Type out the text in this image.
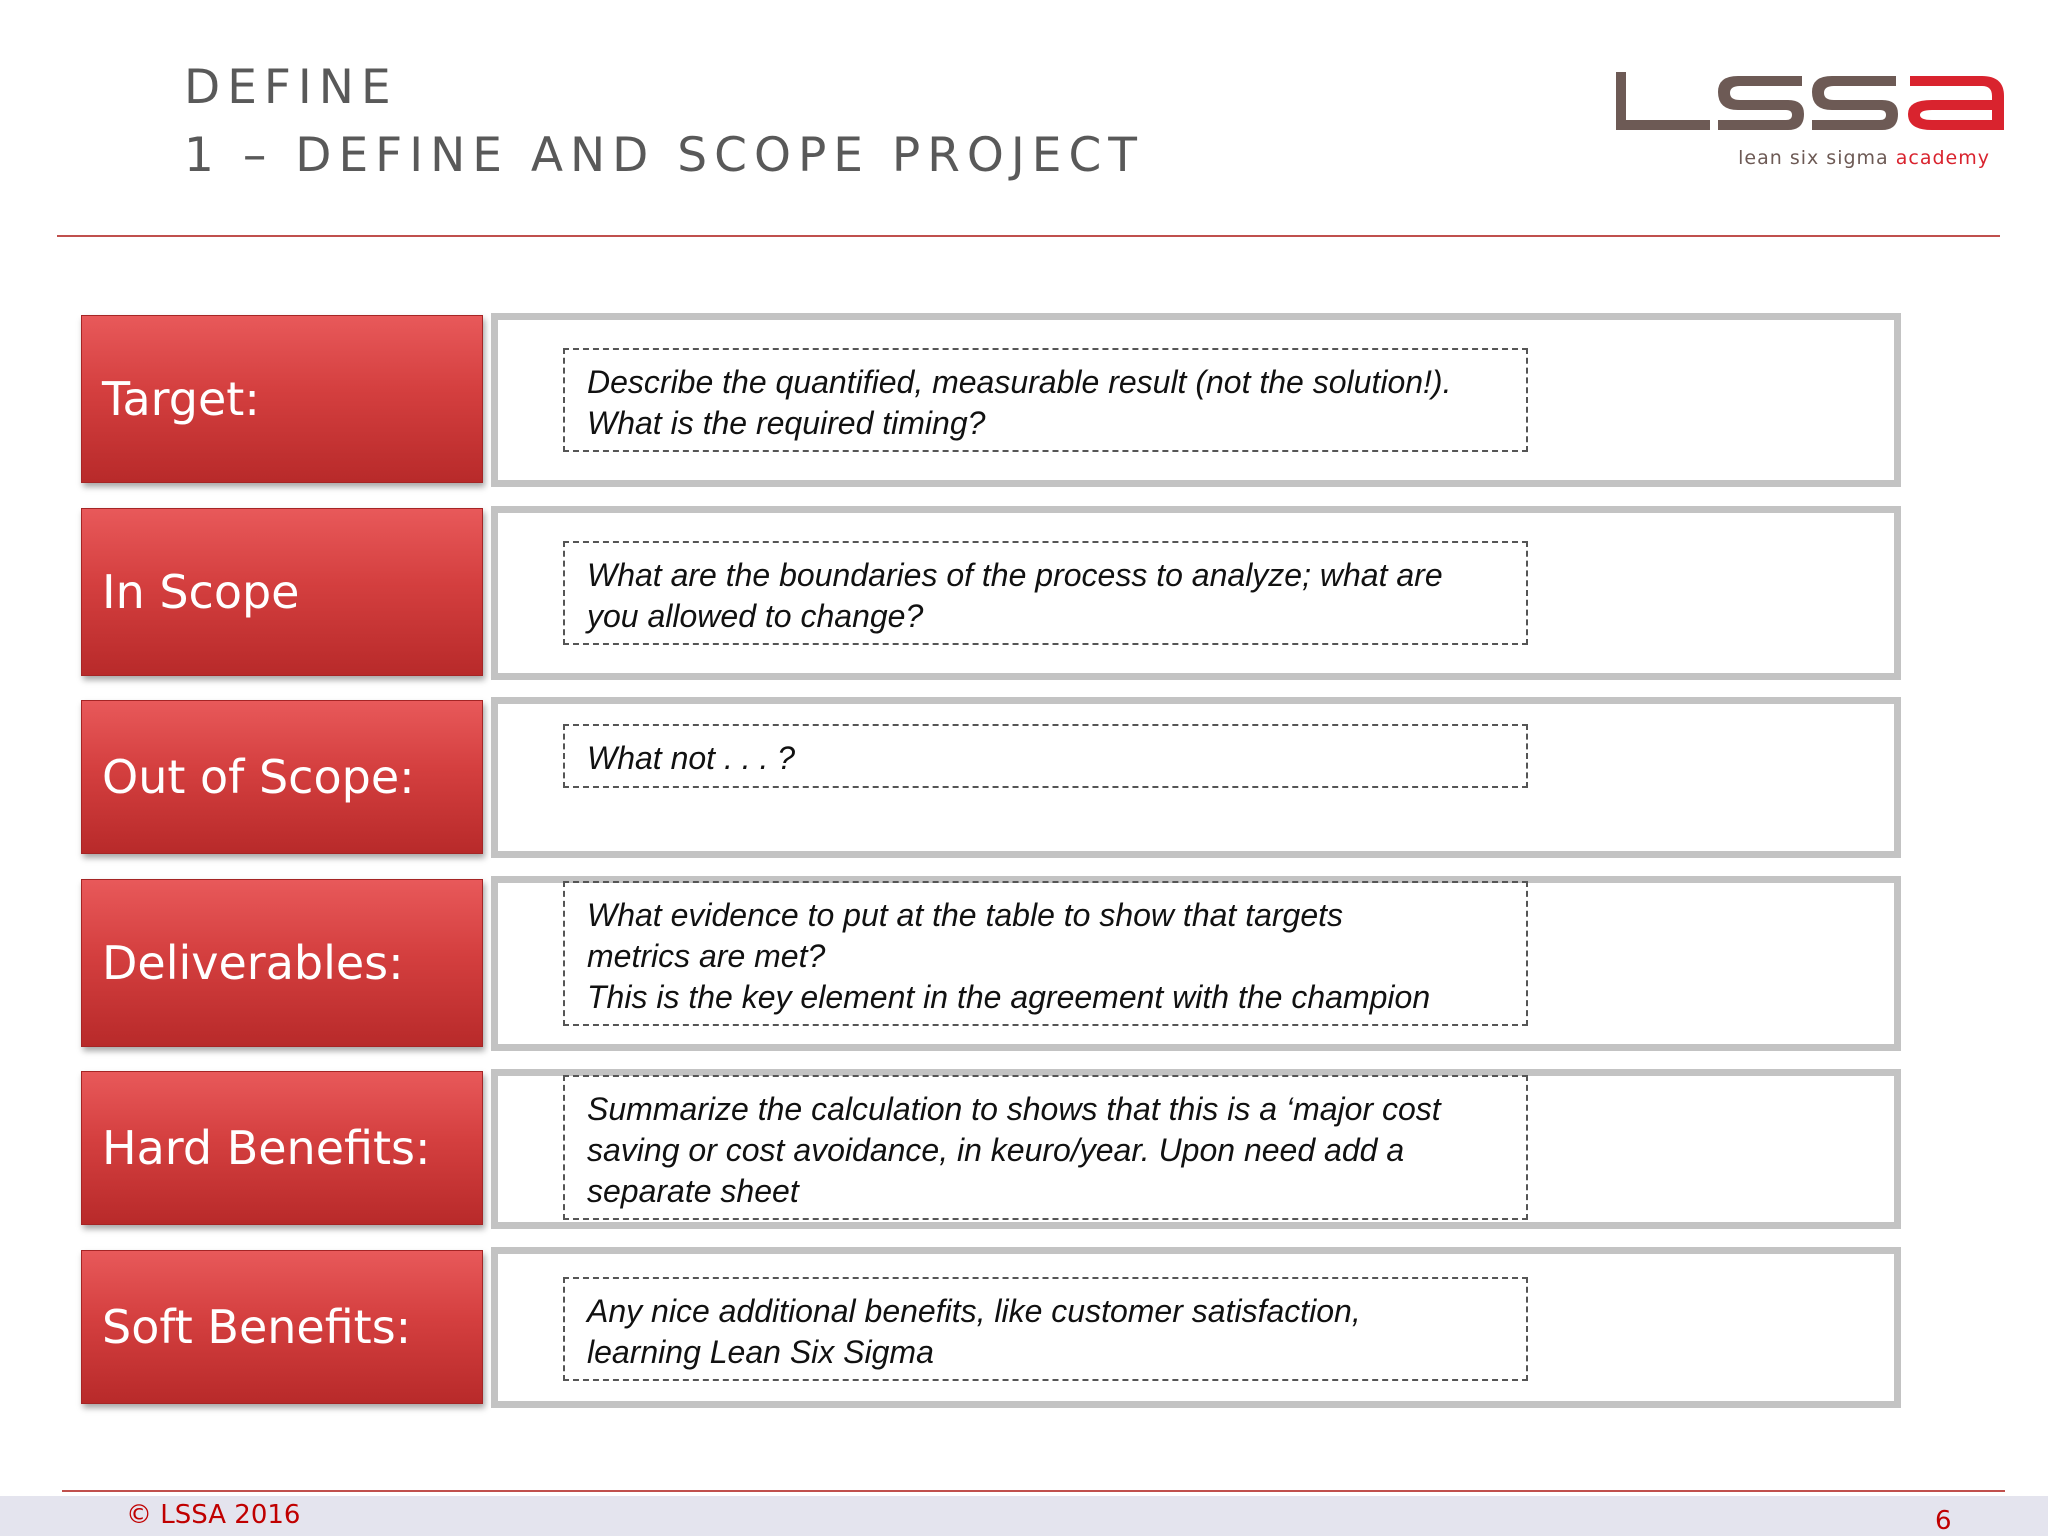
DEFINE
1 – DEFINE AND SCOPE PROJECT	lean six sigma academy
Target:	Describe the quantified, measurable result (not the solution!).
What is the required timing?
In Scope	What are the boundaries of the process to analyze; what are
you allowed to change?
Out of Scope:	What not . . . ?
Deliverables:
What evidence to put at the table to show that targets
metrics are met?
This is the key element in the agreement with the champion
Hard Benefits:
Summarize the calculation to shows that this is a ‘major cost
saving or cost avoidance, in keuro/year. Upon need add a
separate sheet
Soft Benefits:	Any nice additional benefits, like customer satisfaction,
learning Lean Six Sigma
© LSSA 2016	6
